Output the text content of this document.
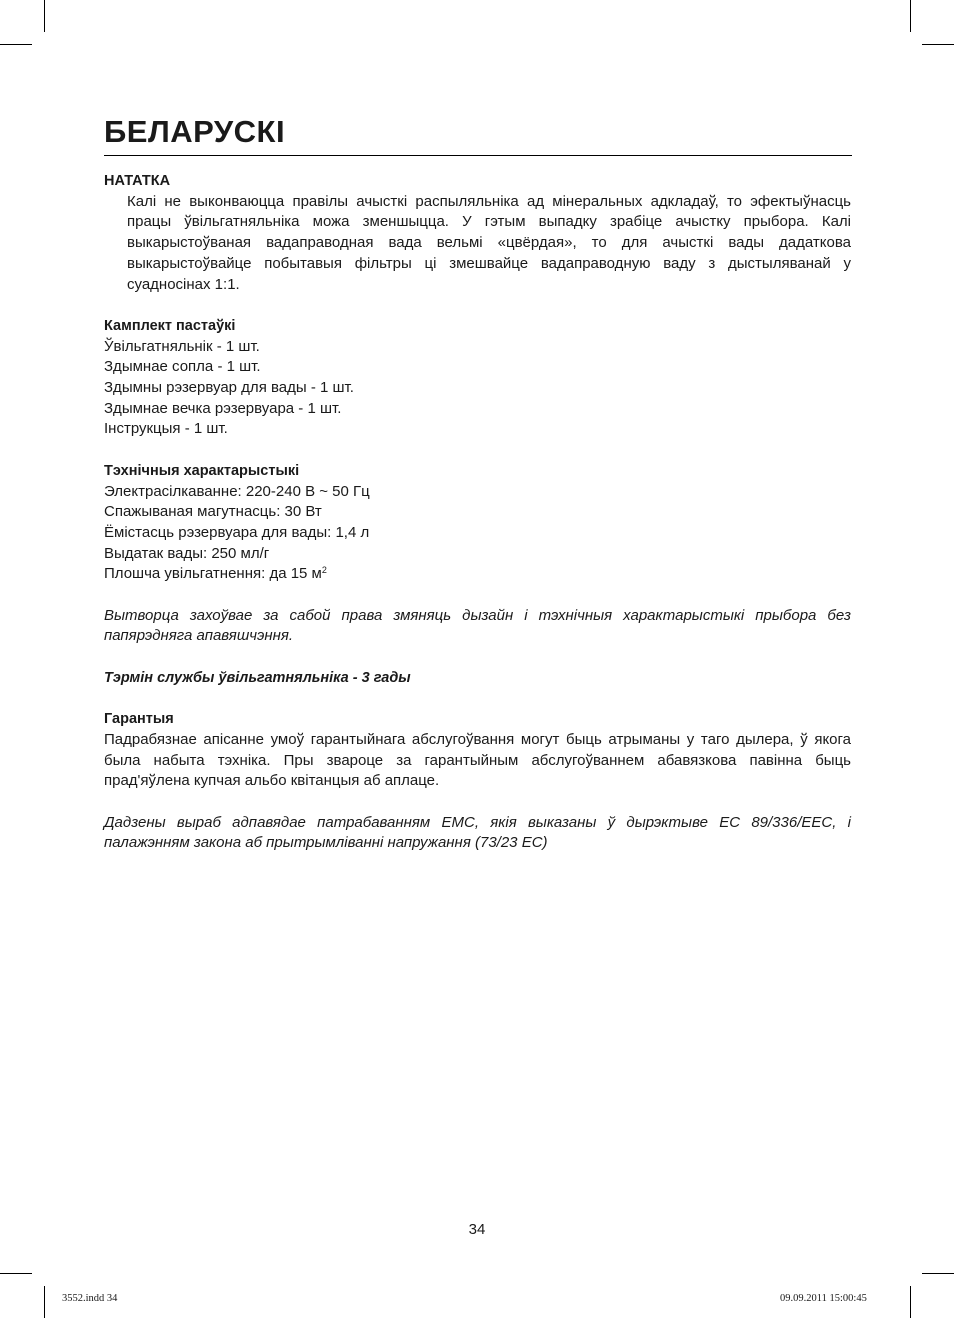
БЕЛАРУСКІ
НАТАТКА
Калі не выконваюцца правілы ачысткі распыляльніка ад мінеральных адкладаў, то эфектыўнасць працы ўвільгатняльніка можа зменшыцца. У гэтым выпадку зрабіце ачыстку прыбора. Калі выкарыстоўваная вадаправодная вада вельмі «цвёрдая», то для ачысткі вады дадаткова выкарыстоўвайце побытавыя фільтры ці змешвайце вадаправодную ваду з дыстыляванай у суадносінах 1:1.
Камплект пастаўкі
Ўвільгатняльнік - 1 шт.
Здымнае сопла - 1 шт.
Здымны рэзервуар для вады - 1 шт.
Здымнае вечка рэзервуара - 1 шт.
Інструкцыя - 1 шт.
Тэхнічныя характарыстыкі
Электрасілкаванне: 220-240 В ~ 50 Гц
Спажываная магутнасць: 30 Вт
Ёмістасць рэзервуара для вады: 1,4 л
Выдатак вады: 250 мл/г
Плошча увільгатнення: да 15 $м^2$
Вытворца захоўвае за сабой права змяняць дызайн і тэхнічныя характарыстыкі прыбора без папярэдняга апавяшчэння.
Тэрмін службы ўвільгатняльніка - 3 гады
Гарантыя
Падрабязнае апісанне умоў гарантыйнага абслугоўвання могут быць атрыманы у таго дылера, ў якога была набыта тэхніка. Пры звароце за гарантыйным абслугоўваннем абавязкова павінна быць прад'яўлена купчая альбо квітанцыя аб аплаце.
Дадзены выраб адпавядае патрабаванням ЕМС, якія выказаны ў дырэктыве ЕС 89/336/ЕЕС, і палажэнням закона аб прытрымліванні напружання (73/23 ЕС)
34
3552.indd 34	09.09.2011 15:00:45
